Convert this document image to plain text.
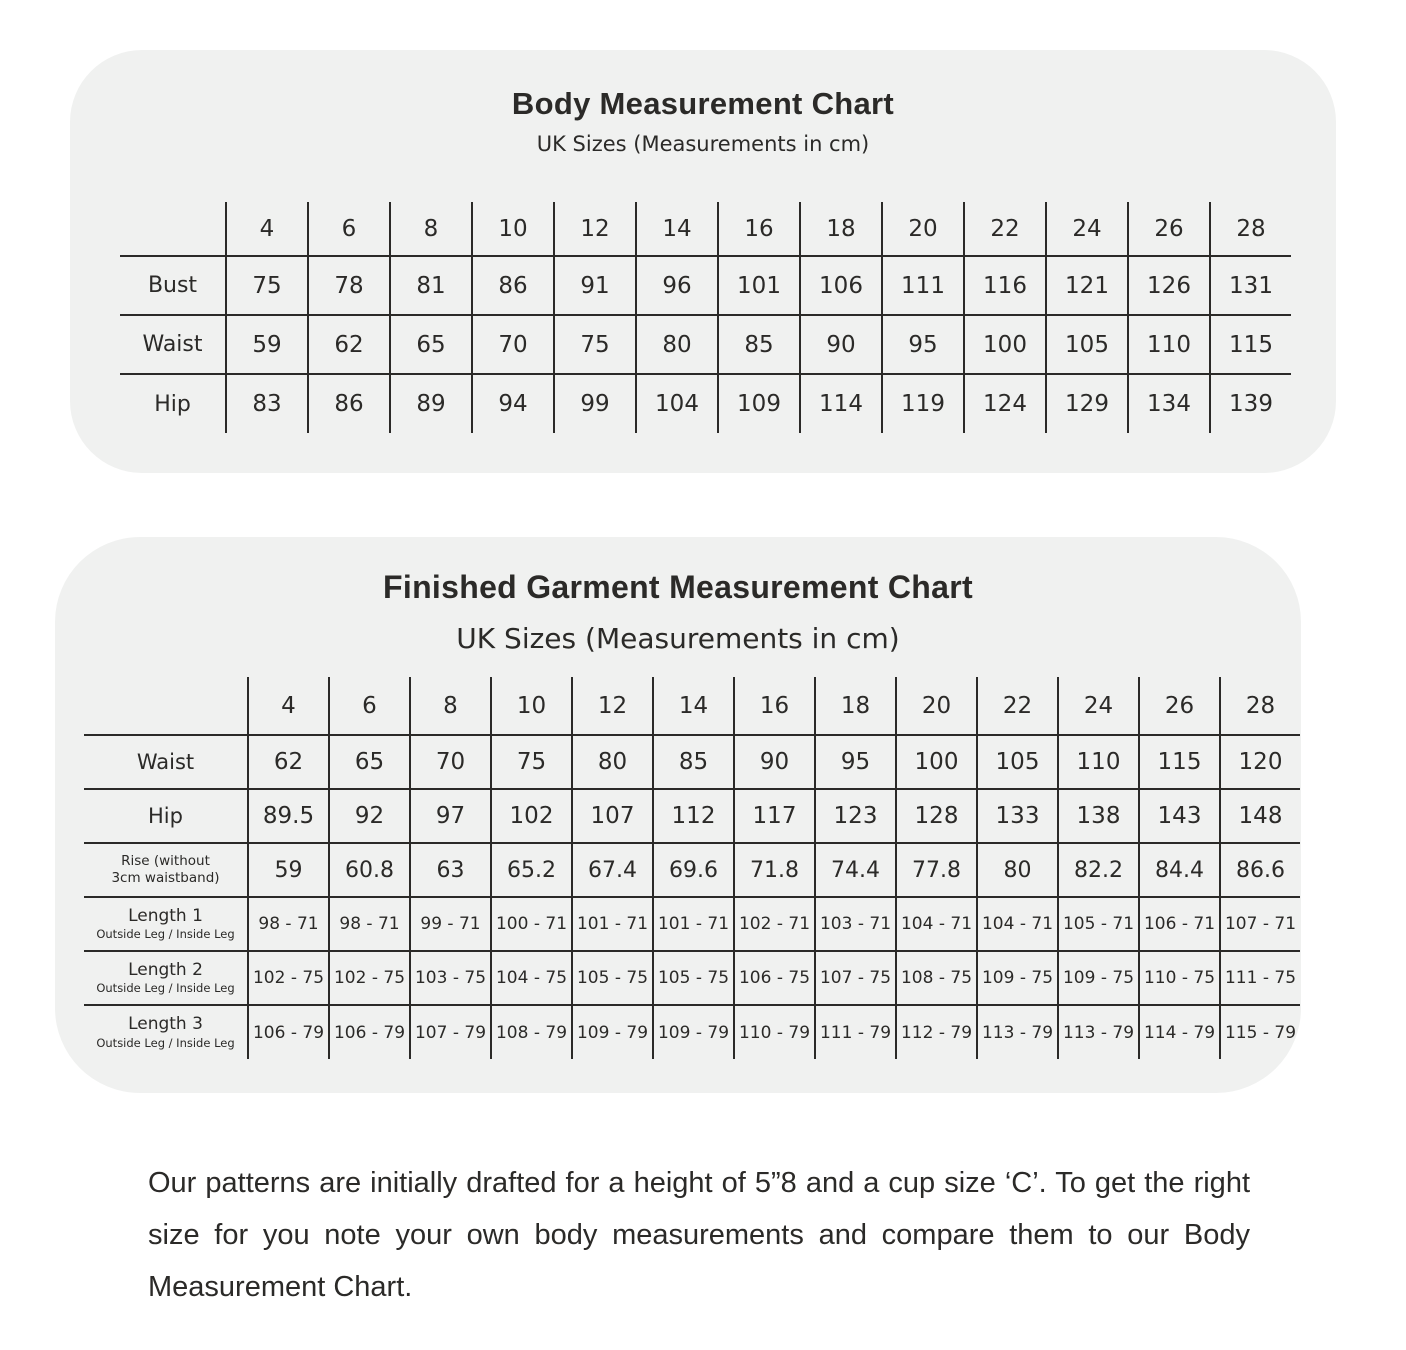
Body Measurement Chart
UK Sizes (Measurements in cm)
	4	6	8	10	12	14	16	18	20	22	24	26	28

Bust	75	78	81	86	91	96	101	106	111	116	121	126	131

Waist	59	62	65	70	75	80	85	90	95	100	105	110	115

Hip	83	86	89	94	99	104	109	114	119	124	129	134	139
Finished Garment Measurement Chart
UK Sizes (Measurements in cm)
	4	6	8	10	12	14	16	18	20	22	24	26	28

Waist	62	65	70	75	80	85	90	95	100	105	110	115	120

Hip	89.5	92	97	102	107	112	117	123	128	133	138	143	148

Rise (without
3cm waistband)	59	60.8	63	65.2	67.4	69.6	71.8	74.4	77.8	80	82.2	84.4	86.6

Length 1
Outside Leg / Inside Leg	98 - 71	98 - 71	99 - 71	100 - 71	101 - 71	101 - 71	102 - 71	103 - 71	104 - 71	104 - 71	105 - 71	106 - 71	107 - 71

Length 2
Outside Leg / Inside Leg	102 - 75	102 - 75	103 - 75	104 - 75	105 - 75	105 - 75	106 - 75	107 - 75	108 - 75	109 - 75	109 - 75	110 - 75	111 - 75

Length 3
Outside Leg / Inside Leg	106 - 79	106 - 79	107 - 79	108 - 79	109 - 79	109 - 79	110 - 79	111 - 79	112 - 79	113 - 79	113 - 79	114 - 79	115 - 79

Our patterns are initially drafted for a height of 5”8 and a cup size ‘C’. To get the right size for you note your own body measurements and compare them to our Body Measurement Chart.
